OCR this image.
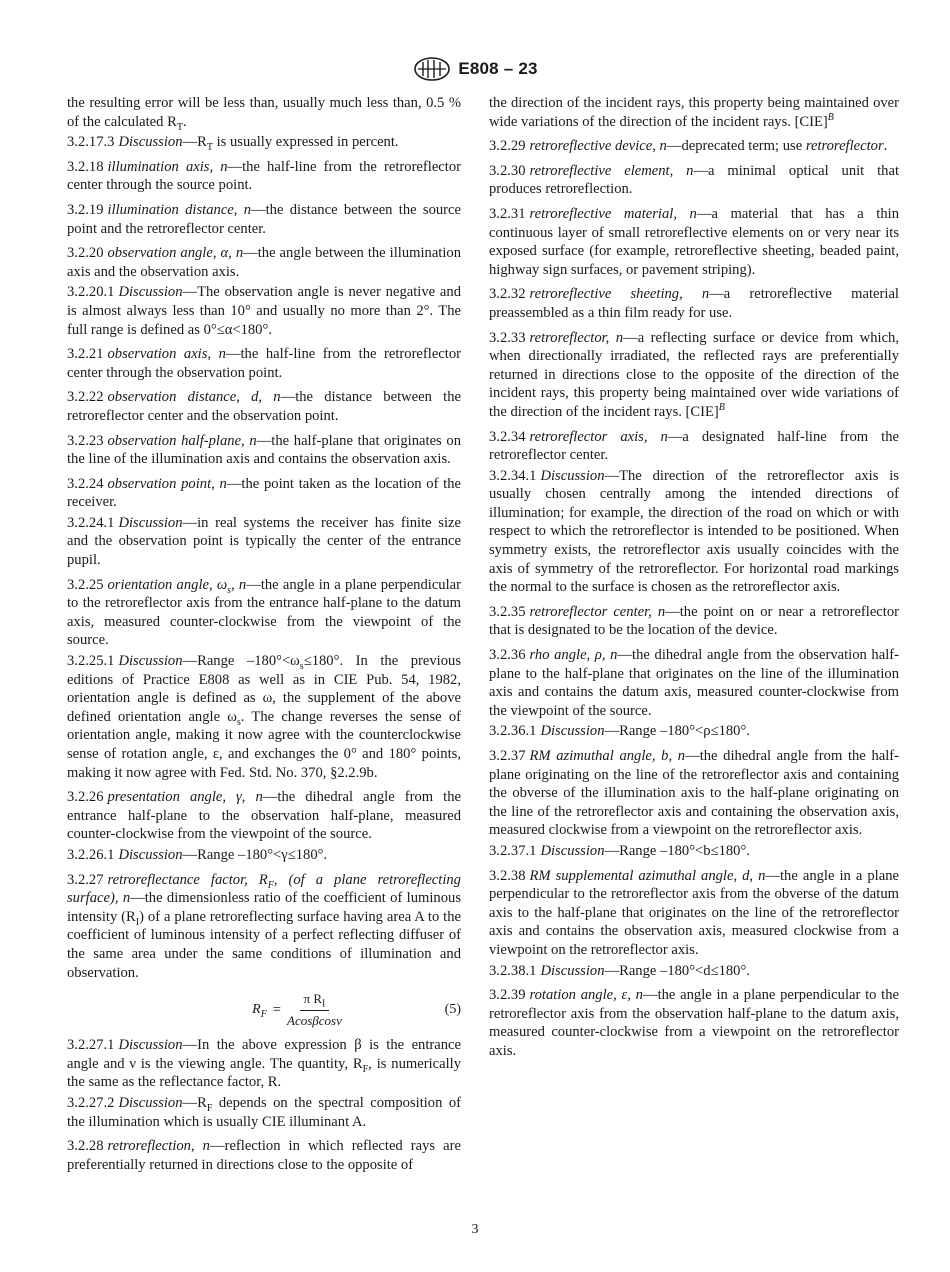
E808 – 23

the resulting error will be less than, usually much less than, 0.5 % of the calculated $R_T$.

3.2.17.3 $Discussion—R_T$ is usually expressed in percent.

3.2.18 illumination axis, n—the half-line from the retroreflector center through the source point.

3.2.19 illumination distance, n—the distance between the source point and the retroreflector center.

3.2.20 observation angle, α, n—the angle between the illumination axis and the observation axis.

3.2.20.1 Discussion—The observation angle is never negative and is almost always less than 10° and usually no more than 2°. The full range is defined as 0°≤α<180°.

3.2.21 observation axis, n—the half-line from the retroreflector center through the observation point.

3.2.22 observation distance, d, n—the distance between the retroreflector center and the observation point.

3.2.23 observation half-plane, n—the half-plane that originates on the line of the illumination axis and contains the observation axis.

3.2.24 observation point, n—the point taken as the location of the receiver.

3.2.24.1 Discussion—in real systems the receiver has finite size and the observation point is typically the center of the entrance pupil.

3.2.25 orientation angle, $\omega_s$, n—the angle in a plane perpendicular to the retroreflector axis from the entrance half-plane to the datum axis, measured counter-clockwise from the viewpoint of the source.

3.2.25.1 Discussion—Range $-180^\circ<\omega_s\le 180^\circ$. In the previous editions of Practice E808 as well as in CIE Pub. 54, 1982, orientation angle is defined as ω, the supplement of the above defined orientation angle $\omega_s$. The change reverses the sense of orientation angle, making it now agree with the counterclockwise sense of rotation angle, ε, and exchanges the 0° and 180° points, making it now agree with Fed. Std. No. 370, §2.2.9b.

3.2.26 presentation angle, γ, n—the dihedral angle from the entrance half-plane to the observation half-plane, measured counter-clockwise from the viewpoint of the source.

3.2.26.1 Discussion—Range –180°<γ≤180°.

3.2.27 retroreflectance factor, $R_F$, (of a plane retroreflecting surface), n—the dimensionless ratio of the coefficient of luminous intensity $(R_I)$ of a plane retroreflecting surface having area A to the coefficient of luminous intensity of a perfect reflecting diffuser of the same area under the same conditions of illumination and observation.

$R_F = \frac{\pi R_I}{Acos\beta\cos\nu}$	(5)

3.2.27.1 Discussion—In the above expression β is the entrance angle and ν is the viewing angle. The quantity, $R_F$, is numerically the same as the reflectance factor, R.

3.2.27.2 $Discussion—R_F$ depends on the spectral composition of the illumination which is usually CIE illuminant A.

3.2.28 retroreflection, n—reflection in which reflected rays are preferentially returned in directions close to the opposite of

the direction of the incident rays, this property being maintained over wide variations of the direction of the incident rays. [CIE]$^B$

3.2.29 retroreflective device, n—deprecated term; use retroreflector.

3.2.30 retroreflective element, n—a minimal optical unit that produces retroreflection.

3.2.31 retroreflective material, n—a material that has a thin continuous layer of small retroreflective elements on or very near its exposed surface (for example, retroreflective sheeting, beaded paint, highway sign surfaces, or pavement striping).

3.2.32 retroreflective sheeting, n—a retroreflective material preassembled as a thin film ready for use.

3.2.33 retroreflector, n—a reflecting surface or device from which, when directionally irradiated, the reflected rays are preferentially returned in directions close to the opposite of the direction of the incident rays, this property being maintained over wide variations of the direction of the incident rays. [CIE]$^B$

3.2.34 retroreflector axis, n—a designated half-line from the retroreflector center.

3.2.34.1 Discussion—The direction of the retroreflector axis is usually chosen centrally among the intended directions of illumination; for example, the direction of the road on which or with respect to which the retroreflector is intended to be positioned. When symmetry exists, the retroreflector axis usually coincides with the axis of symmetry of the retroreflector. For horizontal road markings the normal to the surface is chosen as the retroreflector axis.

3.2.35 retroreflector center, n—the point on or near a retroreflector that is designated to be the location of the device.

3.2.36 rho angle, ρ, n—the dihedral angle from the observation half-plane to the half-plane that originates on the line of the illumination axis and contains the datum axis, measured counter-clockwise from the viewpoint of the source.

3.2.36.1 Discussion—Range –180°<ρ≤180°.

3.2.37 RM azimuthal angle, b, n—the dihedral angle from the half-plane originating on the line of the retroreflector axis and containing the obverse of the illumination axis to the half-plane originating on the line of the retroreflector axis and containing the observation axis, measured clockwise from a viewpoint on the retroreflector axis.

3.2.37.1 Discussion—Range –180°<b≤180°.

3.2.38 RM supplemental azimuthal angle, d, n—the angle in a plane perpendicular to the retroreflector axis from the obverse of the datum axis to the half-plane that originates on the line of the retroreflector axis and contains the observation axis, measured clockwise from a viewpoint on the retroreflector axis.

3.2.38.1 Discussion—Range –180°<d≤180°.

3.2.39 rotation angle, ε, n—the angle in a plane perpendicular to the retroreflector axis from the observation half-plane to the datum axis, measured counter-clockwise from a viewpoint on the retroreflector axis.

3
